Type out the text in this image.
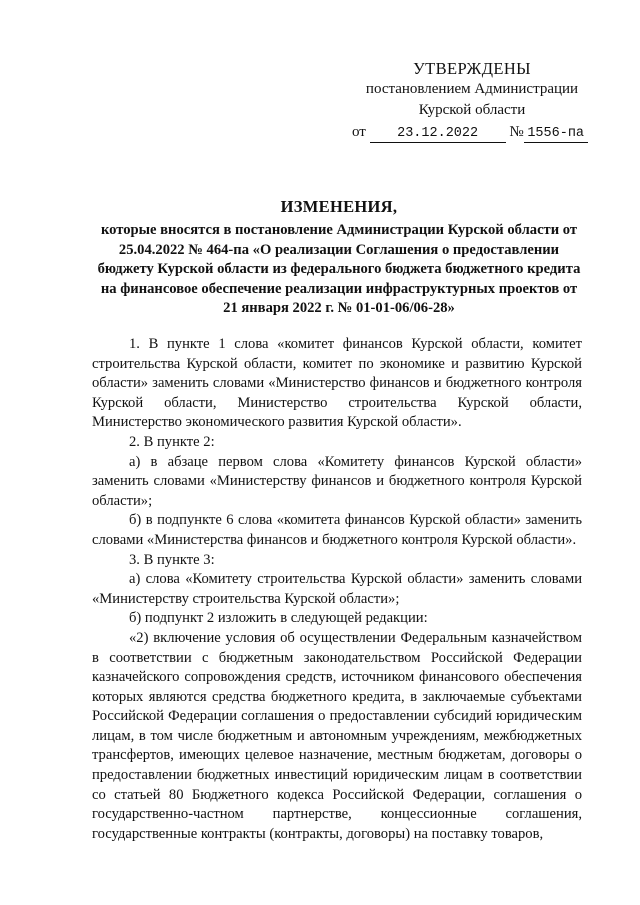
УТВЕРЖДЕНЫ
постановлением Администрации
Курской области
от 23.12.2022 № 1556-па
ИЗМЕНЕНИЯ,
которые вносятся в постановление Администрации Курской области от 25.04.2022 № 464-па «О реализации Соглашения о предоставлении бюджету Курской области из федерального бюджета бюджетного кредита на финансовое обеспечение реализации инфраструктурных проектов от 21 января 2022 г. № 01-01-06/06-28»

1. В пункте 1 слова «комитет финансов Курской области, комитет строительства Курской области, комитет по экономике и развитию Курской области» заменить словами «Министерство финансов и бюджетного контроля Курской области, Министерство строительства Курской области, Министерство экономического развития Курской области».

2. В пункте 2:

а) в абзаце первом слова «Комитету финансов Курской области» заменить словами «Министерству финансов и бюджетного контроля Курской области»;

б) в подпункте 6 слова «комитета финансов Курской области» заменить словами «Министерства финансов и бюджетного контроля Курской области».

3. В пункте 3:

а) слова «Комитету строительства Курской области» заменить словами «Министерству строительства Курской области»;

б) подпункт 2 изложить в следующей редакции:

«2) включение условия об осуществлении Федеральным казначейством в соответствии с бюджетным законодательством Российской Федерации казначейского сопровождения средств, источником финансового обеспечения которых являются средства бюджетного кредита, в заключаемые субъектами Российской Федерации соглашения о предоставлении субсидий юридическим лицам, в том числе бюджетным и автономным учреждениям, межбюджетных трансфертов, имеющих целевое назначение, местным бюджетам, договоры о предоставлении бюджетных инвестиций юридическим лицам в соответствии со статьей 80 Бюджетного кодекса Российской Федерации, соглашения о государственно-частном партнерстве, концессионные соглашения, государственные контракты (контракты, договоры) на поставку товаров,
